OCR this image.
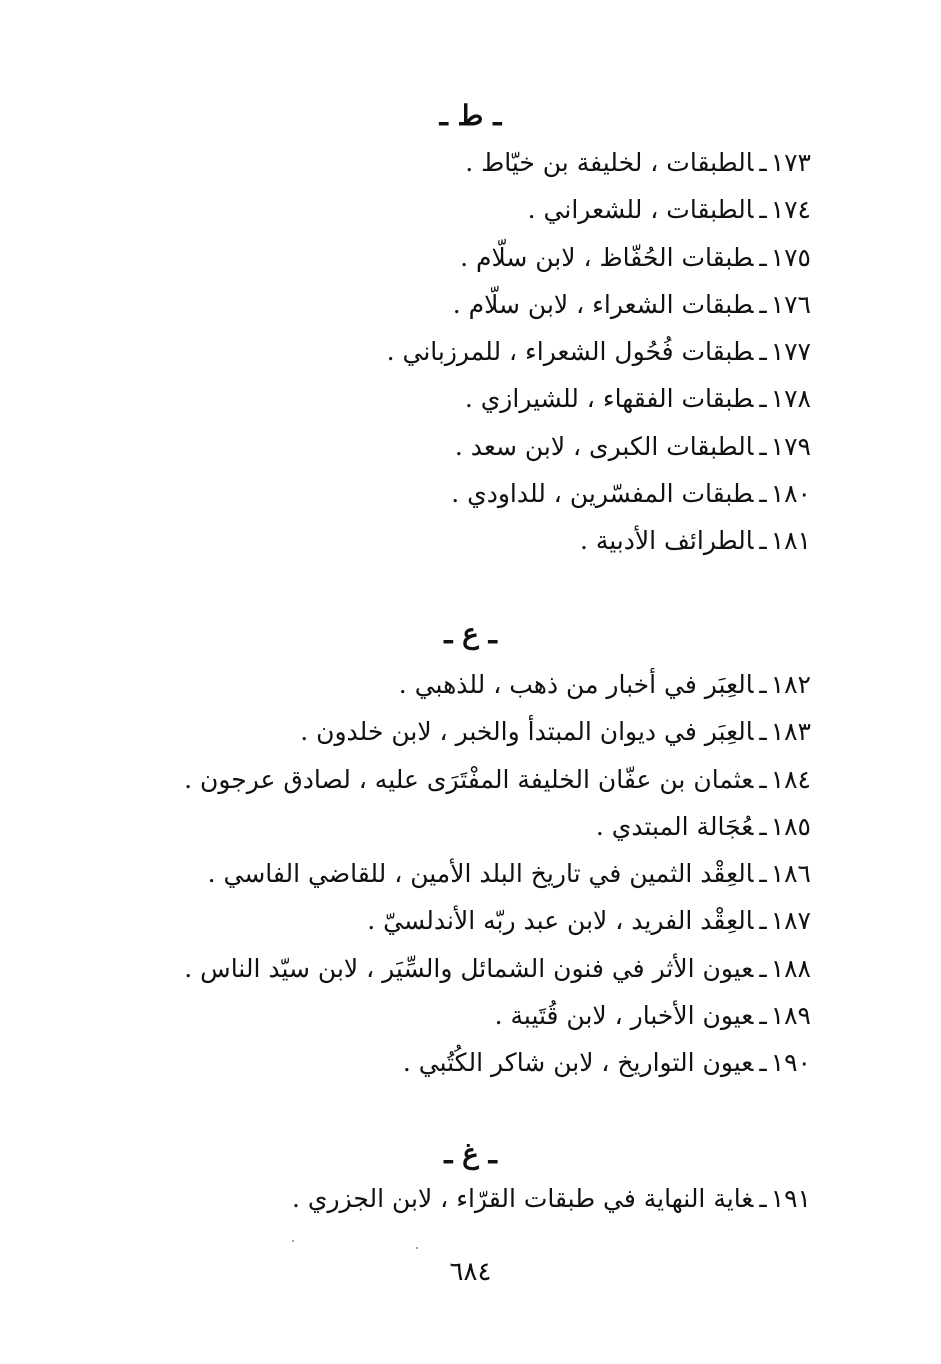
ـ ط ـ
١٧٣ـالطبقات ، لخليفة بن خيّاط .
١٧٤ـالطبقات ، للشعراني .
١٧٥ـطبقات الحُفّاظ ، لابن سلّام .
١٧٦ـطبقات الشعراء ، لابن سلّام .
١٧٧ـطبقات فُحُول الشعراء ، للمرزباني .
١٧٨ـطبقات الفقهاء ، للشيرازي .
١٧٩ـالطبقات الكبرى ، لابن سعد .
١٨٠ـطبقات المفسّرين ، للداودي .
١٨١ـالطرائف الأدبية .
ـ ع ـ
١٨٢ـالعِبَر في أخبار من ذهب ، للذهبي .
١٨٣ـالعِبَر في ديوان المبتدأ والخبر ، لابن خلدون .
١٨٤ـعثمان بن عفّان الخليفة المفْتَرَى عليه ، لصادق عرجون .
١٨٥ـعُجَالة المبتدي .
١٨٦ـالعِقْد الثمين في تاريخ البلد الأمين ، للقاضي الفاسي .
١٨٧ـالعِقْد الفريد ، لابن عبد ربّه الأندلسيّ .
١٨٨ـعيون الأثر في فنون الشمائل والسِّيَر ، لابن سيّد الناس .
١٨٩ـعيون الأخبار ، لابن قُتَيبة .
١٩٠ـعيون التواريخ ، لابن شاكر الكُتُبي .
ـ غ ـ
١٩١ـغاية النهاية في طبقات القرّاء ، لابن الجزري .
٦٨٤
